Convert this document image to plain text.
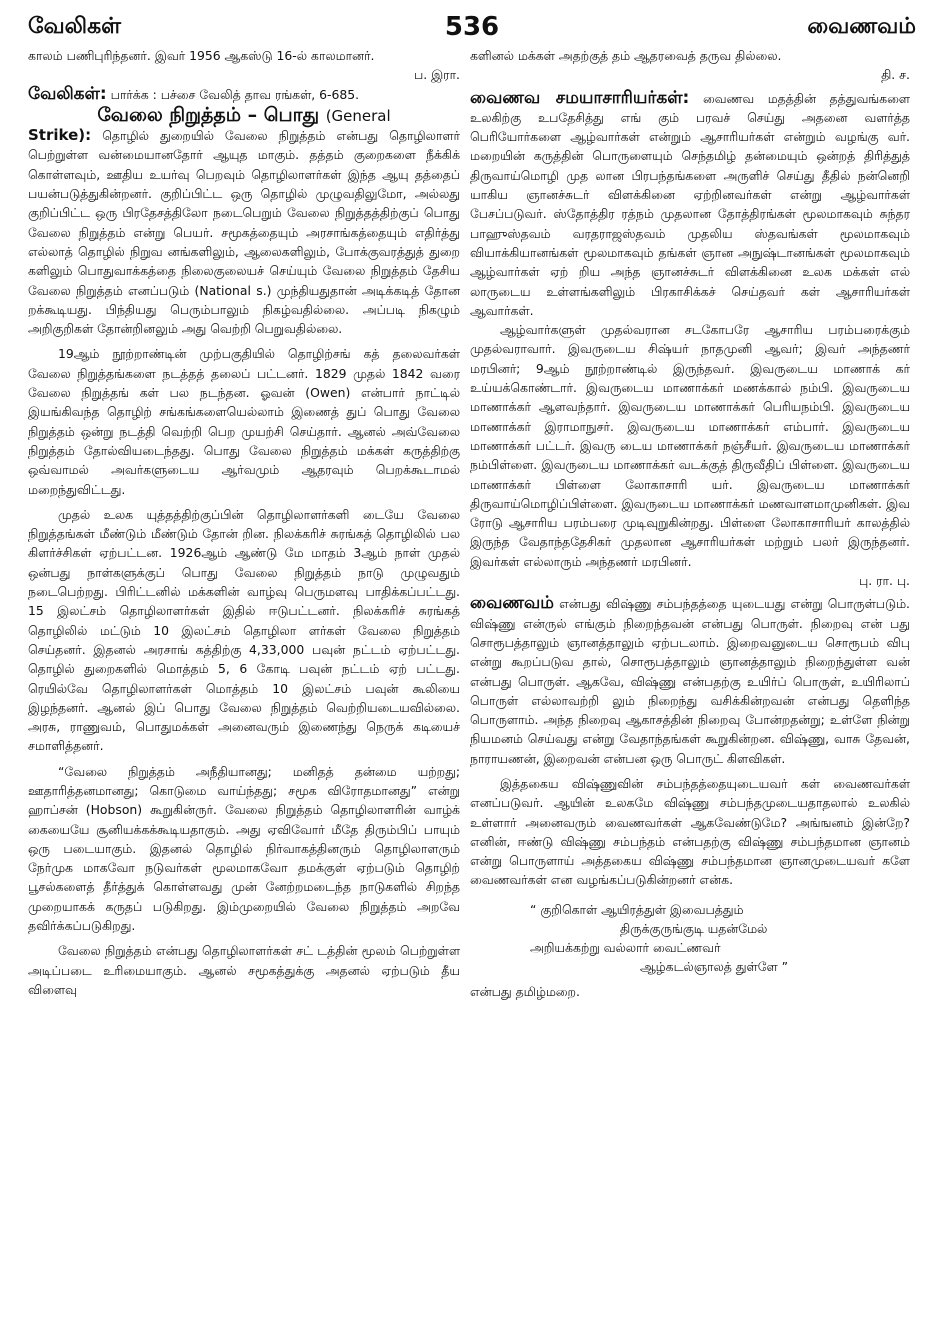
வேலிகள்	536	வைணவம்

காலம் பணிபுரிந்தனர். இவர் 1956 ஆகஸ்டு 16-ல் காலமானர்.

ப. இரா.

வேலிகள்: பார்க்க : பச்சை வேலித் தாவ ரங்கள், 6-685.

வேலை நிறுத்தம் – பொது (General

Strike): தொழில் துறையில் வேலை நிறுத்தம் என்பது தொழிலாளர் பெற்றுள்ள வன்மையானதோர் ஆயுத மாகும். தத்தம் குறைகளை நீக்கிக் கொள்ளவும், ஊதிய உயர்வு பெறவும் தொழிலாளர்கள் இந்த ஆயு தத்தைப் பயன்படுத்துகின்றனர். குறிப்பிட்ட ஒரு தொழில் முழுவதிலுமோ, அல்லது குறிப்பிட்ட ஒரு பிரதேசத்திலோ நடைபெறும் வேலை நிறுத்தத்திற்குப் பொது வேலை நிறுத்தம் என்று பெயர். சமூகத்தையும் அரசாங்கத்தையும் எதிர்த்து எல்லாத் தொழில் நிறுவ னங்களிலும், ஆலைகளிலும், போக்குவரத்துத் துறை களிலும் பொதுவாக்கத்தை நிலைகுலையச் செய்யும் வேலை நிறுத்தம் தேசிய வேலை நிறுத்தம் எனப்படும் (National s.) முந்தியதுதான் அடிக்கடித் தோன றக்கூடியது. பிந்தியது பெரும்பாலும் நிகழ்வதில்லை. அப்படி நிகழும் அறிகுறிகள் தோன்றினலும் அது வெற்றி பெறுவதில்லை.

19ஆம் நூற்றாண்டின் முற்பகுதியில் தொழிற்சங் கத் தலைவர்கள் வேலை நிறுத்தங்களை நடத்தத் தலைப் பட்டனர். 1829 முதல் 1842 வரை வேலை நிறுத்தங் கள் பல நடந்தன. ஓவன் (Owen) என்பார் நாட்டில் இயங்கிவந்த தொழிற் சங்கங்களையெல்லாம் இணைத் துப் பொது வேலை நிறுத்தம் ஒன்று நடத்தி வெற்றி பெற முயற்சி செய்தார். ஆனல் அவ்வேலை நிறுத்தம் தோல்வியடைந்தது. பொது வேலை நிறுத்தம் மக்கள் கருத்திற்கு ஒவ்வாமல் அவர்களுடைய ஆர்வமும் ஆதரவும் பெறக்கூடாமல் மறைந்துவிட்டது.

முதல் உலக யுத்தத்திற்குப்பின் தொழிலாளர்களி டையே வேலை நிறுத்தங்கள் மீண்டும் மீண்டும் தோன் றின. நிலக்கரிச் சுரங்கத் தொழிலில் பல கிளர்ச்சிகள் ஏற்பட்டன. 1926ஆம் ஆண்டு மே மாதம் 3ஆம் நாள் முதல் ஒன்பது நாள்களுக்குப் பொது வேலை நிறுத்தம் நாடு முழுவதும் நடைபெற்றது. பிரிட்டனில் மக்களின் வாழ்வு பெருமளவு பாதிக்கப்பட்டது. 15 இலட்சம் தொழிலாளர்கள் இதில் ஈடுபட்டனர். நிலக்கரிச் சுரங்கத் தொழிலில் மட்டும் 10 இலட்சம் தொழிலா ளர்கள் வேலை நிறுத்தம் செய்தனர். இதனல் அரசாங் கத்திற்கு 4,33,000 பவுன் நட்டம் ஏற்பட்டது. தொழில் துறைகளில் மொத்தம் 5, 6 கோடி பவுன் நட்டம் ஏற் பட்டது. ரெயில்வே தொழிலாளர்கள் மொத்தம் 10 இலட்சம் பவுன் கூலியை இழந்தனர். ஆனல் இப் பொது வேலை நிறுத்தம் வெற்றியடையவில்லை. அரசு, ராணுவம், பொதுமக்கள் அனைவரும் இணைந்து நெருக் கடியைச் சமாளித்தனர்.

“வேலை நிறுத்தம் அநீதியானது; மனிதத் தன்மை யற்றது; ஊதாரித்தனமானது; கொடுமை வாய்ந்தது; சமூக விரோதமானது” என்று ஹாப்சன் (Hobson) கூறுகின்ருர். வேலை நிறுத்தம் தொழிலாளரின் வாழ்க் கையையே சூனியக்கக்கூடியதாகும். அது ஏவிவோர் மீதே திரும்பிப் பாயும் ஒரு படையாகும். இதனல் தொழில் நிர்வாகத்தினரும் தொழிலாளரும் நேர்முக மாகவோ நடுவர்கள் மூலமாகவோ தமக்குள் ஏற்படும் தொழிற் பூசல்களைத் தீர்த்துக் கொள்ளவது முன் னேற்றமடைந்த நாடுகளில் சிறந்த முறையாகக் கருதப் படுகிறது. இம்முறையில் வேலை நிறுத்தம் அறவே தவிர்க்கப்படுகிறது.

வேலை நிறுத்தம் என்பது தொழிலாளர்கள் சட் டத்தின் மூலம் பெற்றுள்ள அடிப்படை உரிமையாகும். ஆனல் சமூகத்துக்கு அதனல் ஏற்படும் தீய விளைவு

களினல் மக்கள் அதற்குத் தம் ஆதரவைத் தருவ தில்லை.

தி. ச.

வைணவ சமயாசாரியர்கள்: வைணவ மதத்தின் தத்துவங்களை உலகிற்கு உபதேசித்து எங் கும் பரவச் செய்து அதனை வளர்த்த பெரியோர்களை ஆழ்வார்கள் என்றும் ஆசாரியர்கள் என்றும் வழங்கு வர். மறையின் கருத்தின் பொருளையும் செந்தமிழ் தன்மையும் ஒன்றத் திரித்துத் திருவாய்மொழி முத லான பிரபந்தங்களை அருளிச் செய்து தீதில் நன்னெறி யாகிய ஞானச்சுடர் விளக்கினை ஏற்றினவர்கள் என்று ஆழ்வார்கள் பேசப்படுவர். ஸ்தோத்திர ரத்நம் முதலான தோத்திரங்கள் மூலமாகவும் சுந்தர பாஹுஸ்தவம் வரதராஜஸ்தவம் முதலிய ஸ்தவங்கள் மூலமாகவும் வியாக்கியானங்கள் மூலமாகவும் தங்கள் ஞான அநுஷ்டானங்கள் மூலமாகவும் ஆழ்வார்கள் ஏற் றிய அந்த ஞானச்சுடர் விளக்கினை உலக மக்கள் எல் லாருடைய உள்ளங்களிலும் பிரகாசிக்கச் செய்தவர் கள் ஆசாரியர்கள் ஆவார்கள்.

ஆழ்வார்களுள் முதல்வரான சடகோபரே ஆசாரிய பரம்பரைக்கும் முதல்வராவார். இவருடைய சிஷ்யர் நாதமுனி ஆவர்; இவர் அந்தணர் மரபினர்; 9ஆம் நூற்றாண்டில் இருந்தவர். இவருடைய மாணாக் கர் உய்யக்கொண்டார். இவருடைய மாணாக்கர் மணக்கால் நம்பி. இவருடைய மாணாக்கர் ஆளவந்தார். இவருடைய மாணாக்கர் பெரியநம்பி. இவருடைய மாணாக்கர் இராமாநுசர். இவருடைய மாணாக்கர் எம்பார். இவருடைய மாணாக்கர் பட்டர். இவரு டைய மாணாக்கர் நஞ்சீயர். இவருடைய மாணாக்கர் நம்பிள்ளை. இவருடைய மாணாக்கர் வடக்குத் திருவீதிப் பிள்ளை. இவருடைய மாணாக்கர் பிள்ளை லோகாசாரி யர். இவருடைய மாணாக்கர் திருவாய்மொழிப்பிள்ளை. இவருடைய மாணாக்கர் மணவாளமாமுனிகள். இவ ரோடு ஆசாரிய பரம்பரை முடிவுறுகின்றது. பிள்ளை லோகாசாரியர் காலத்தில் இருந்த வேதாந்ததேசிகர் முதலான ஆசாரியர்கள் மற்றும் பலர் இருந்தனர். இவர்கள் எல்லாரும் அந்தணர் மரபினர்.

பு. ரா. பு.

வைணவம் என்பது விஷ்ணு சம்பந்தத்தை யுடையது என்று பொருள்படும். விஷ்ணு என்ருல் எங்கும் நிறைந்தவன் என்பது பொருள். நிறைவு என் பது சொரூபத்தாலும் ஞானத்தாலும் ஏற்படலாம். இறைவனுடைய சொரூபம் விபு என்று கூறப்படுவ தால், சொரூபத்தாலும் ஞானத்தாலும் நிறைந்துள்ள வன் என்பது பொருள். ஆகவே, விஷ்ணு என்பதற்கு உயிர்ப் பொருள், உயிரிலாப் பொருள் எல்லாவற்றி லும் நிறைந்து வசிக்கின்றவன் என்பது தெளிந்த பொருளாம். அந்த நிறைவு ஆகாசத்தின் நிறைவு போன்றதன்று; உள்ளே நின்று நியமனம் செய்வது என்று வேதாந்தங்கள் கூறுகின்றன. விஷ்ணு, வாசு தேவன், நாராயணன், இறைவன் என்பன ஒரு பொருட் கிளவிகள்.

இத்தகைய விஷ்ணுவின் சம்பந்தத்தையுடையவர் கள் வைணவர்கள் எனப்படுவர். ஆயின் உலகமே விஷ்ணு சம்பந்தமுடையதாதலால் உலகில் உள்ளார் அனைவரும் வைணவர்கள் ஆகவேண்டுமே? அங்ஙனம் இன்றே? எனின், ஈண்டு விஷ்ணு சம்பந்தம் என்பதற்கு விஷ்ணு சம்பந்தமான ஞானம் என்று பொருளாய் அத்தகைய விஷ்ணு சம்பந்தமான ஞானமுடையவர் களே வைணவர்கள் என வழங்கப்படுகின்றனர் என்க.

“ குறிகொள் ஆயிரத்துள் இவைபத்தும்
திருக்குருங்குடி யதன்மேல்
அறியக்கற்று வல்லார் வைட்ணவர்
ஆழ்கடல்ஞாலத் துள்ளே ”

என்பது தமிழ்மறை.
